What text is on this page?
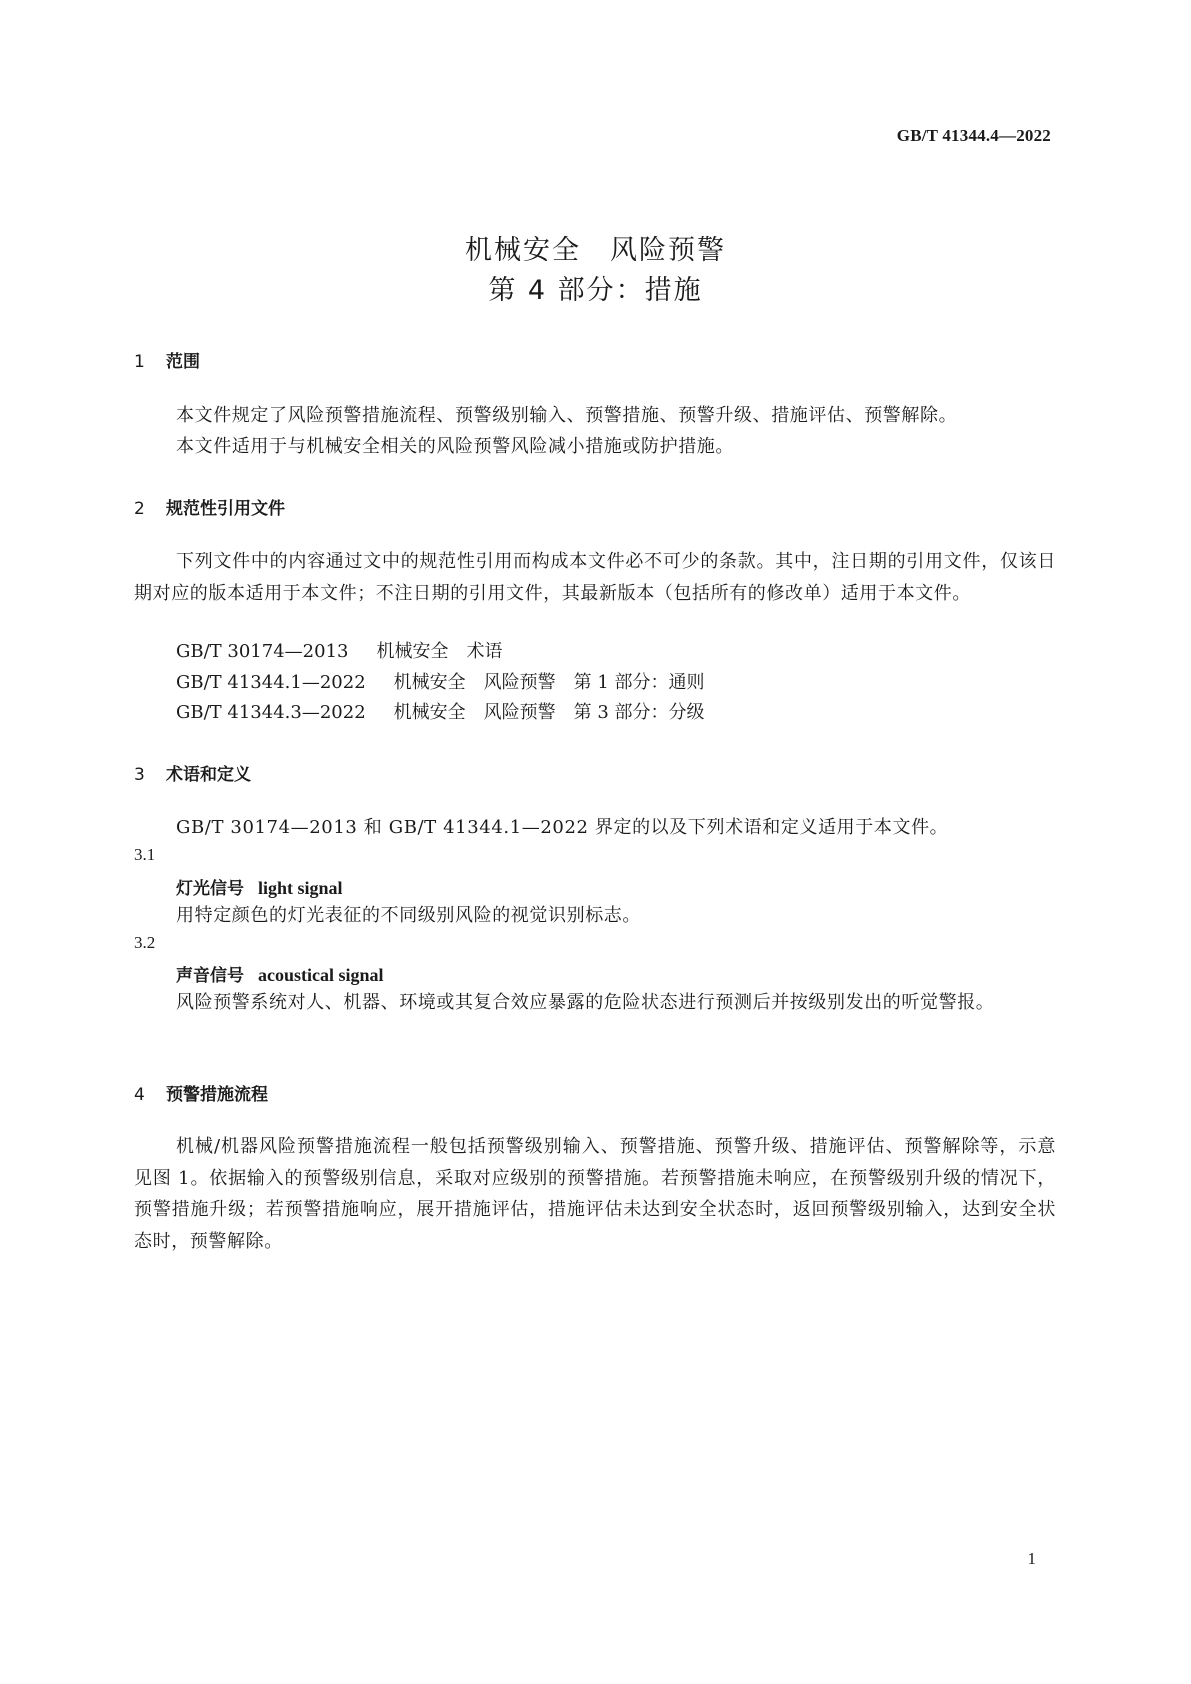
GB/T 41344.4—2022
机械安全　风险预警
第 4 部分：措施
1 范围
本文件规定了风险预警措施流程、预警级别输入、预警措施、预警升级、措施评估、预警解除。
本文件适用于与机械安全相关的风险预警风险减小措施或防护措施。
2 规范性引用文件
下列文件中的内容通过文中的规范性引用而构成本文件必不可少的条款。其中，注日期的引用文件，仅该日期对应的版本适用于本文件；不注日期的引用文件，其最新版本（包括所有的修改单）适用于本文件。
GB/T 30174—2013 机械安全　术语
GB/T 41344.1—2022 机械安全　风险预警　第 1 部分：通则
GB/T 41344.3—2022 机械安全　风险预警　第 3 部分：分级
3 术语和定义
GB/T 30174—2013 和 GB/T 41344.1—2022 界定的以及下列术语和定义适用于本文件。
3.1
灯光信号 light signal
用特定颜色的灯光表征的不同级别风险的视觉识别标志。
3.2
声音信号 acoustical signal
风险预警系统对人、机器、环境或其复合效应暴露的危险状态进行预测后并按级别发出的听觉警报。
4 预警措施流程
机械/机器风险预警措施流程一般包括预警级别输入、预警措施、预警升级、措施评估、预警解除等，示意见图 1。依据输入的预警级别信息，采取对应级别的预警措施。若预警措施未响应，在预警级别升级的情况下，预警措施升级；若预警措施响应，展开措施评估，措施评估未达到安全状态时，返回预警级别输入，达到安全状态时，预警解除。
1
